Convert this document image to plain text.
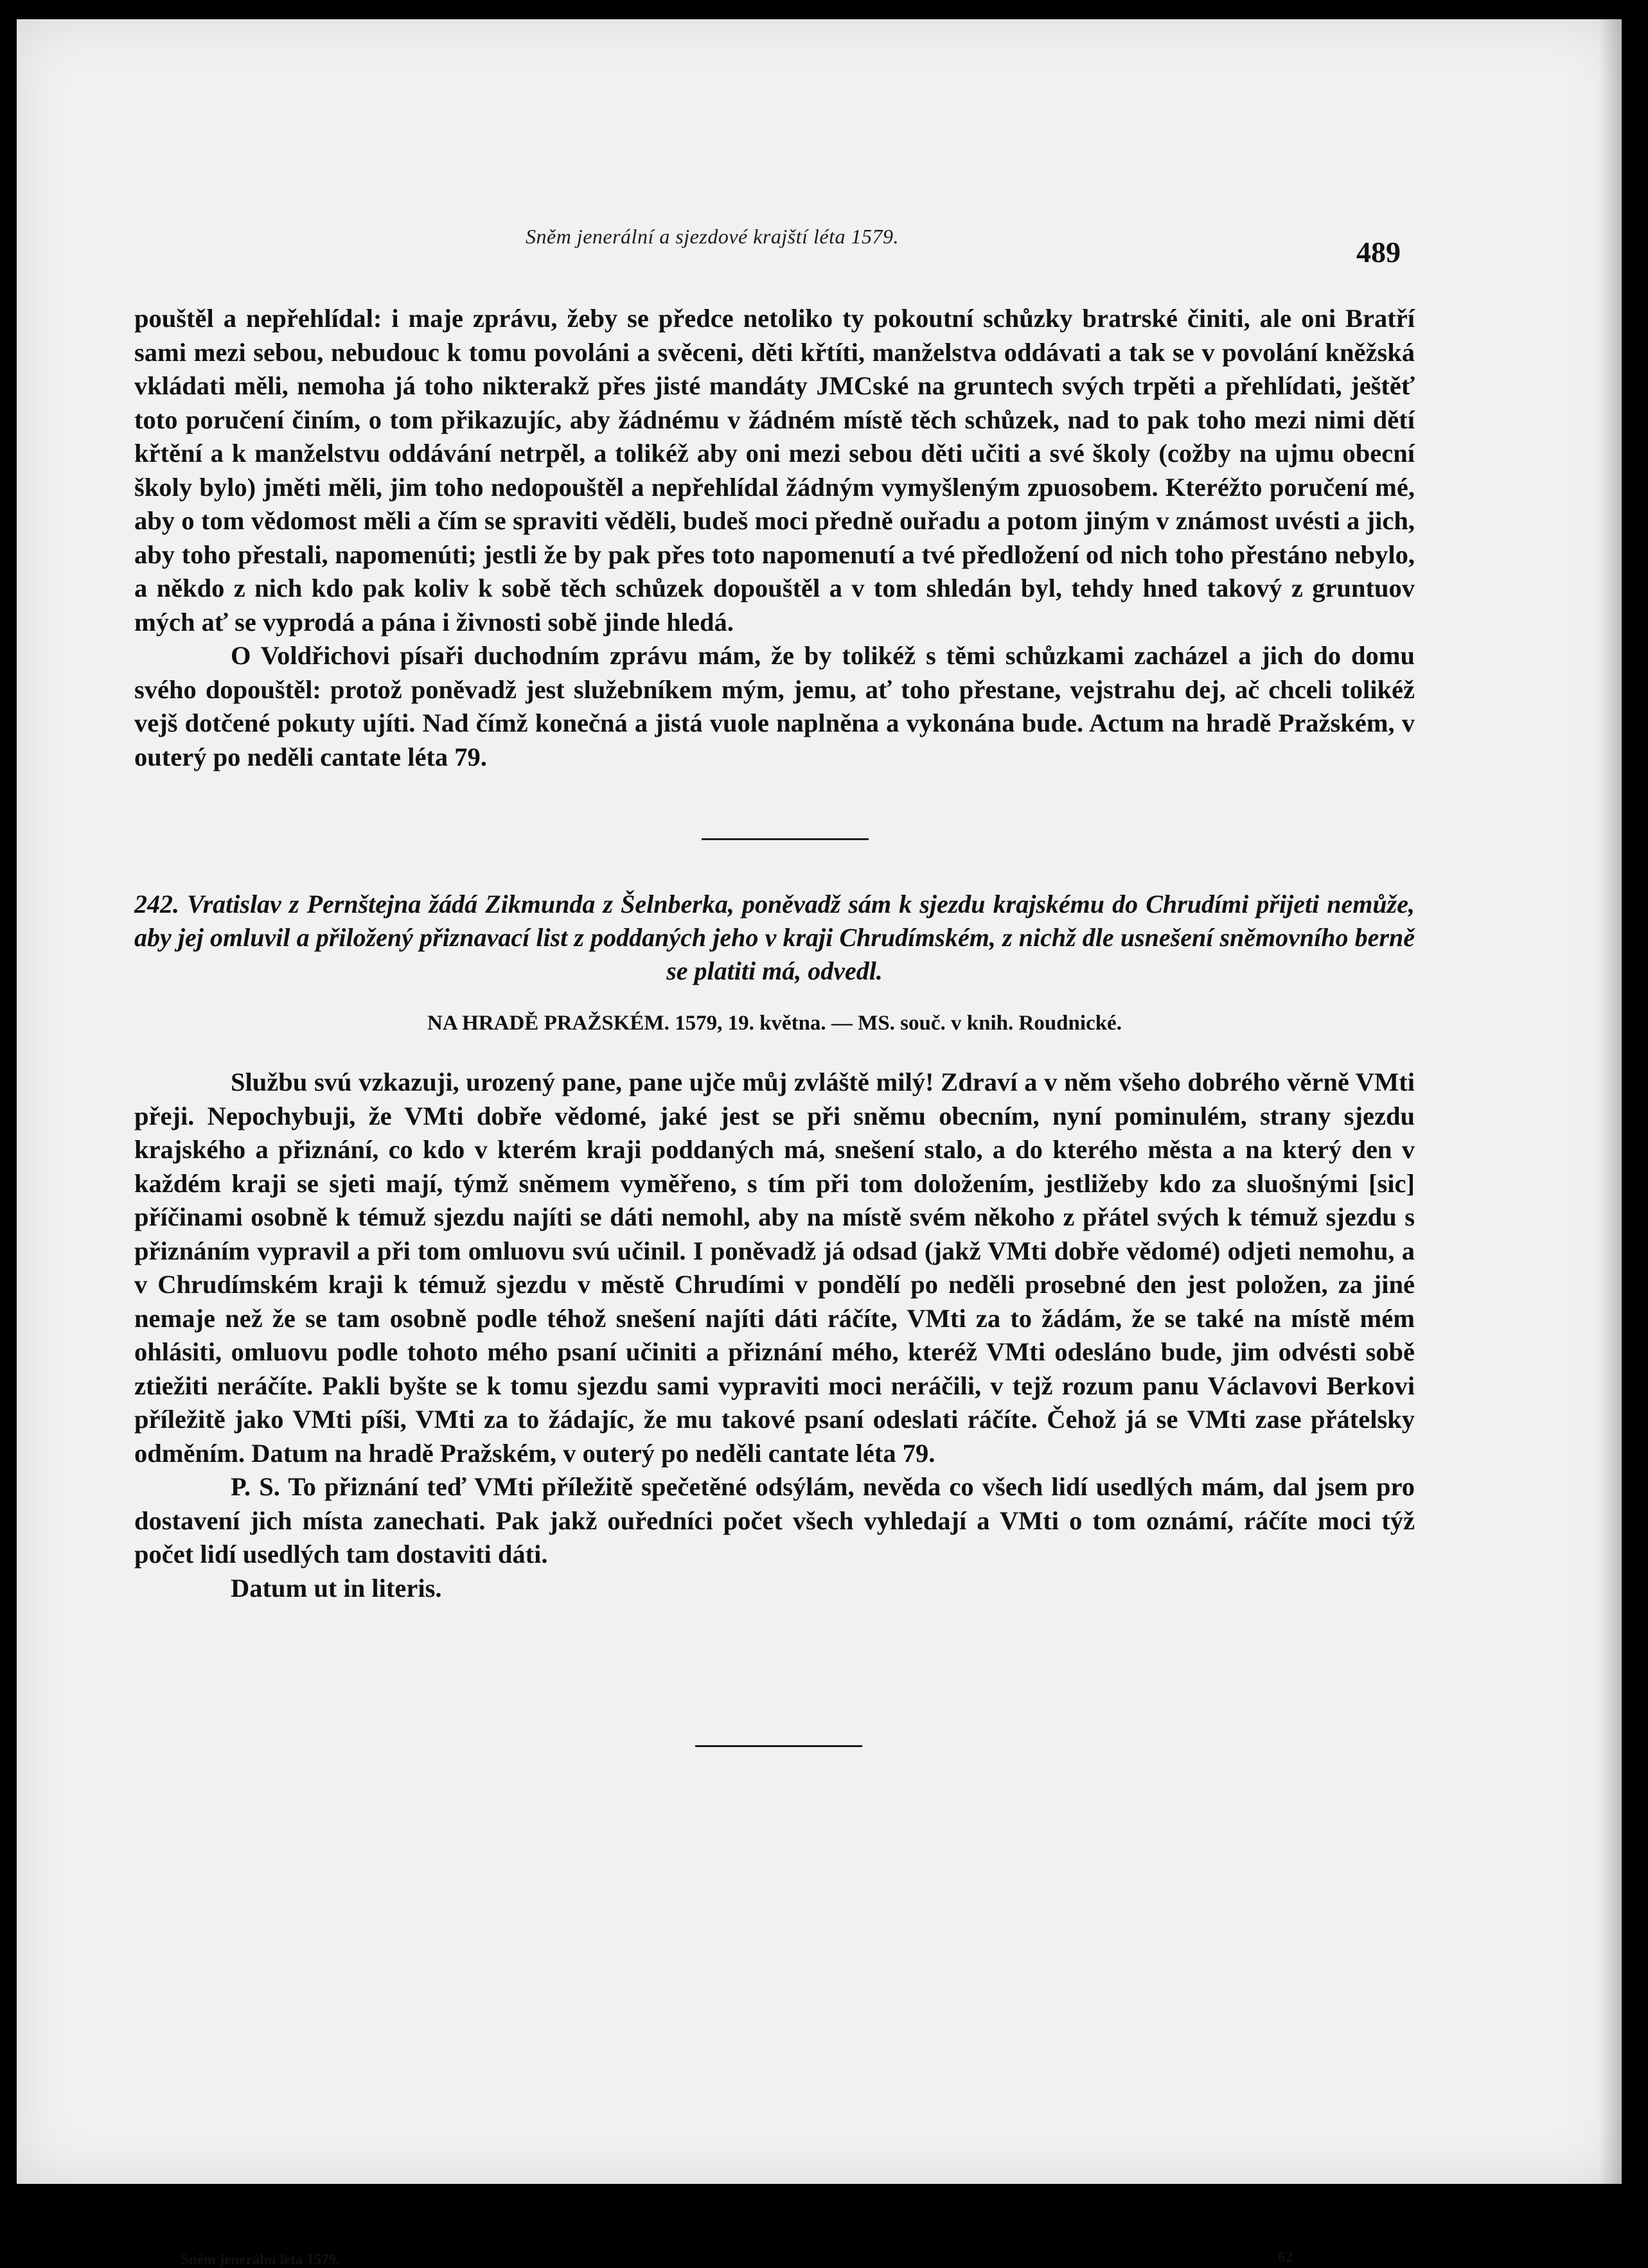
Sněm jenerální a sjezdové krajští léta 1579.	489

pouštěl a nepřehlídal: i maje zprávu, žeby se předce netoliko ty pokoutní schůzky bratrské činiti, ale oni Bratří sami mezi sebou, nebudouc k tomu povoláni a svěceni, děti křtíti, manželstva oddávati a tak se v povolání kněžská vkládati měli, nemoha já toho nikterakž přes jisté mandáty JMCské na gruntech svých trpěti a přehlídati, ještěť toto poručení činím, o tom přikazujíc, aby žádnému v žádném místě těch schůzek, nad to pak toho mezi nimi dětí křtění a k manželstvu oddávání netrpěl, a tolikéž aby oni mezi sebou děti učiti a své školy (cožby na ujmu obecní školy bylo) jměti měli, jim toho nedopouštěl a nepřehlídal žádným vymyšleným zpuosobem. Kteréžto poručení mé, aby o tom vědomost měli a čím se spraviti věděli, budeš moci předně ouřadu a potom jiným v známost uvésti a jich, aby toho přestali, napomenúti; jestli že by pak přes toto napomenutí a tvé předložení od nich toho přestáno nebylo, a někdo z nich kdo pak koliv k sobě těch schůzek dopouštěl a v tom shledán byl, tehdy hned takový z gruntuov mých ať se vyprodá a pána i živnosti sobě jinde hledá.

O Voldřichovi písaři duchodním zprávu mám, že by tolikéž s těmi schůzkami zacházel a jich do domu svého dopouštěl: protož poněvadž jest služebníkem mým, jemu, ať toho přestane, vejstrahu dej, ač chceli tolikéž vejš dotčené pokuty ujíti. Nad čímž konečná a jistá vuole naplněna a vykonána bude. Actum na hradě Pražském, v outerý po neděli cantate léta 79.

242. Vratislav z Pernštejna žádá Zikmunda z Šelnberka, poněvadž sám k sjezdu krajskému do Chrudími přijeti nemůže, aby jej omluvil a přiložený přiznavací list z poddaných jeho v kraji Chrudímském, z nichž dle usnešení sněmovního berně se platiti má, odvedl.
NA HRADĚ PRAŽSKÉM. 1579, 19. května. — MS. souč. v knih. Roudnické.

Službu svú vzkazuji, urozený pane, pane ujče můj zvláště milý! Zdraví a v něm všeho dobrého věrně VMti přeji. Nepochybuji, že VMti dobře vědomé, jaké jest se při sněmu obecním, nyní pominulém, strany sjezdu krajského a přiznání, co kdo v kterém kraji poddaných má, snešení stalo, a do kterého města a na který den v každém kraji se sjeti mají, týmž sněmem vyměřeno, s tím při tom doložením, jestližeby kdo za sluošnými [sic] příčinami osobně k témuž sjezdu najíti se dáti nemohl, aby na místě svém někoho z přátel svých k témuž sjezdu s přiznáním vypravil a při tom omluovu svú učinil. I poněvadž já odsad (jakž VMti dobře vědomé) odjeti nemohu, a v Chrudímském kraji k témuž sjezdu v městě Chrudími v pondělí po neděli prosebné den jest položen, za jiné nemaje než že se tam osobně podle téhož snešení najíti dáti ráčíte, VMti za to žádám, že se také na místě mém ohlásiti, omluovu podle tohoto mého psaní učiniti a přiznání mého, kteréž VMti odesláno bude, jim odvésti sobě ztiežiti neráčíte. Pakli byšte se k tomu sjezdu sami vypraviti moci neráčili, v tejž rozum panu Václavovi Berkovi příležitě jako VMti píši, VMti za to žádajíc, že mu takové psaní odeslati ráčíte. Čehož já se VMti zase přátelsky odměním. Datum na hradě Pražském, v outerý po neděli cantate léta 79.

P. S. To přiznání teď VMti příležitě spečetěné odsýlám, nevěda co všech lidí usedlých mám, dal jsem pro dostavení jich místa zanechati. Pak jakž ouředníci počet všech vyhledají a VMti o tom oznámí, ráčíte moci týž počet lidí usedlých tam dostaviti dáti.

Datum ut in literis.

Sněm jenerální léta 1579.	62
